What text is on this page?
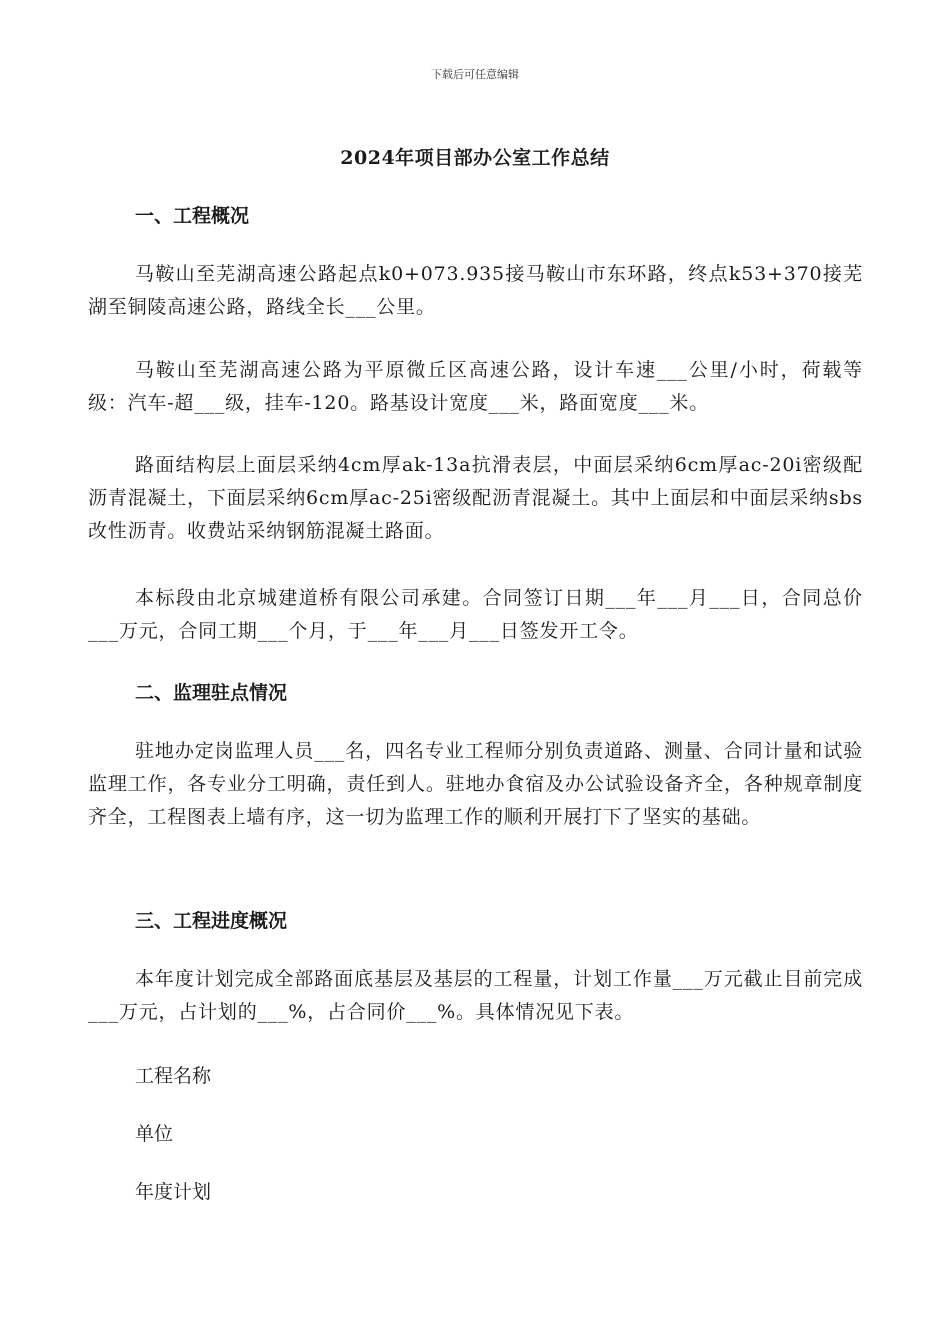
下载后可任意编辑
2024年项目部办公室工作总结
一、工程概况
马鞍山至芜湖高速公路起点k0+073.935接马鞍山市东环路，终点k53+370接芜湖至铜陵高速公路，路线全长___公里。
马鞍山至芜湖高速公路为平原微丘区高速公路，设计车速___公里/小时，荷载等级：汽车-超___级，挂车-120。路基设计宽度___米，路面宽度___米。
路面结构层上面层采纳4cm厚ak-13a抗滑表层，中面层采纳6cm厚ac-20i密级配沥青混凝土，下面层采纳6cm厚ac-25i密级配沥青混凝土。其中上面层和中面层采纳sbs改性沥青。收费站采纳钢筋混凝土路面。
本标段由北京城建道桥有限公司承建。合同签订日期___年___月___日，合同总价___万元，合同工期___个月，于___年___月___日签发开工令。
二、监理驻点情况
驻地办定岗监理人员___名，四名专业工程师分别负责道路、测量、合同计量和试验监理工作，各专业分工明确，责任到人。驻地办食宿及办公试验设备齐全，各种规章制度齐全，工程图表上墙有序，这一切为监理工作的顺利开展打下了坚实的基础。
三、工程进度概况
本年度计划完成全部路面底基层及基层的工程量，计划工作量___万元截止目前完成___万元，占计划的___%，占合同价___%。具体情况见下表。
工程名称
单位
年度计划
